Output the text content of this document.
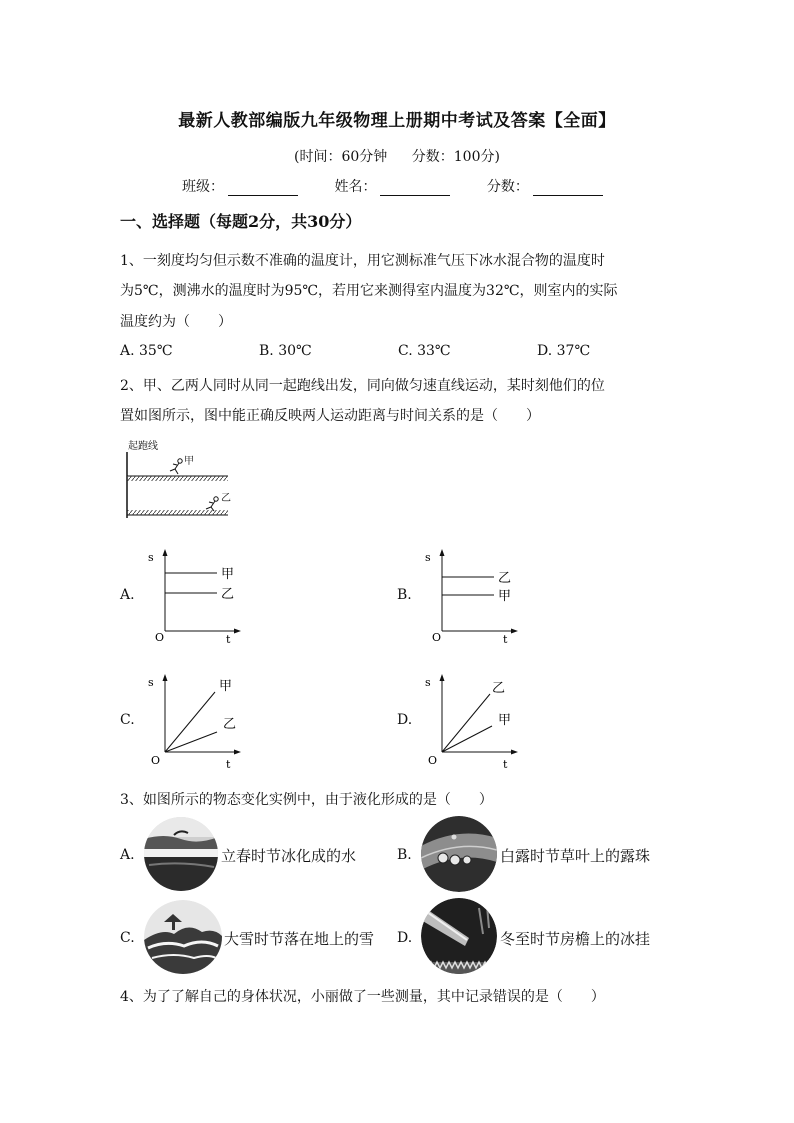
最新人教部编版九年级物理上册期中考试及答案【全面】
(时间：60分钟 分数：100分)
班级：	姓名：	分数：
一、选择题（每题2分，共30分）
1、一刻度均匀但示数不准确的温度计，用它测标准气压下冰水混合物的温度时
为5℃，测沸水的温度时为95℃，若用它来测得室内温度为32℃，则室内的实际
温度约为（　　）
A. 35℃	B. 30℃	C. 33℃	D. 37℃
2、甲、乙两人同时从同一起跑线出发，同向做匀速直线运动，某时刻他们的位
置如图所示，图中能正确反映两人运动距离与时间关系的是（　　）
起跑线
甲
乙
A.
s
O	t
甲
乙	B.
s
O	t
乙
甲
C.
s
O	t
甲
乙	D.
s
O	t
乙
甲
3、如图所示的物态变化实例中，由于液化形成的是（　　）
A.	立春时节冰化成的水	B.	白露时节草叶上的露珠
C.	大雪时节落在地上的雪 D.	冬至时节房檐上的冰挂
4、为了了解自己的身体状况，小丽做了一些测量，其中记录错误的是（　　）
